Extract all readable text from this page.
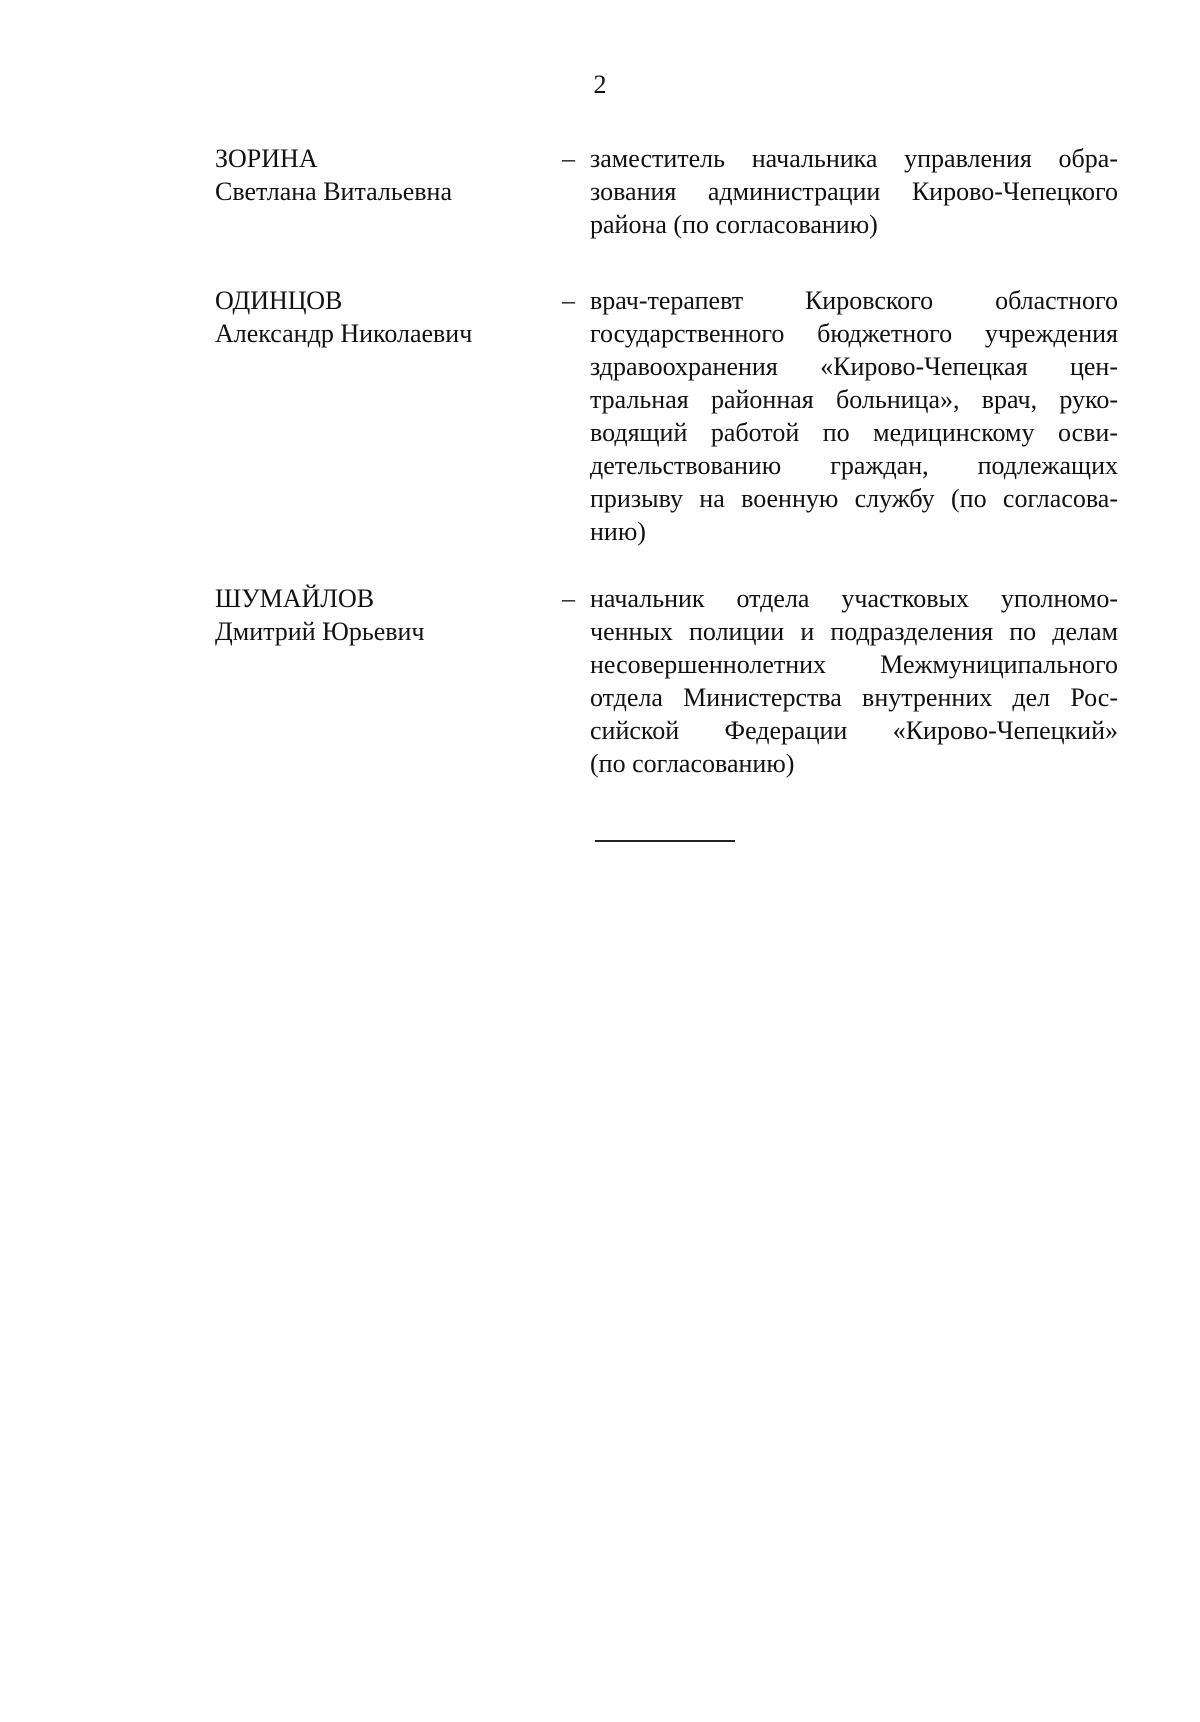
2
ЗОРИНА
Светлана Витальевна
– заместитель начальника управления обра-
зования администрации Кирово-Чепецкого
района (по согласованию)
ОДИНЦОВ
Александр Николаевич
– врач-терапевт Кировского областного
государственного бюджетного учреждения
здравоохранения «Кирово-Чепецкая цен-
тральная районная больница», врач, руко-
водящий работой по медицинскому осви-
детельствованию граждан, подлежащих
призыву на военную службу (по согласова-
нию)
ШУМАЙЛОВ
Дмитрий Юрьевич
– начальник отдела участковых уполномо-
ченных полиции и подразделения по делам
несовершеннолетних Межмуниципального
отдела Министерства внутренних дел Рос-
сийской Федерации «Кирово-Чепецкий»
(по согласованию)
